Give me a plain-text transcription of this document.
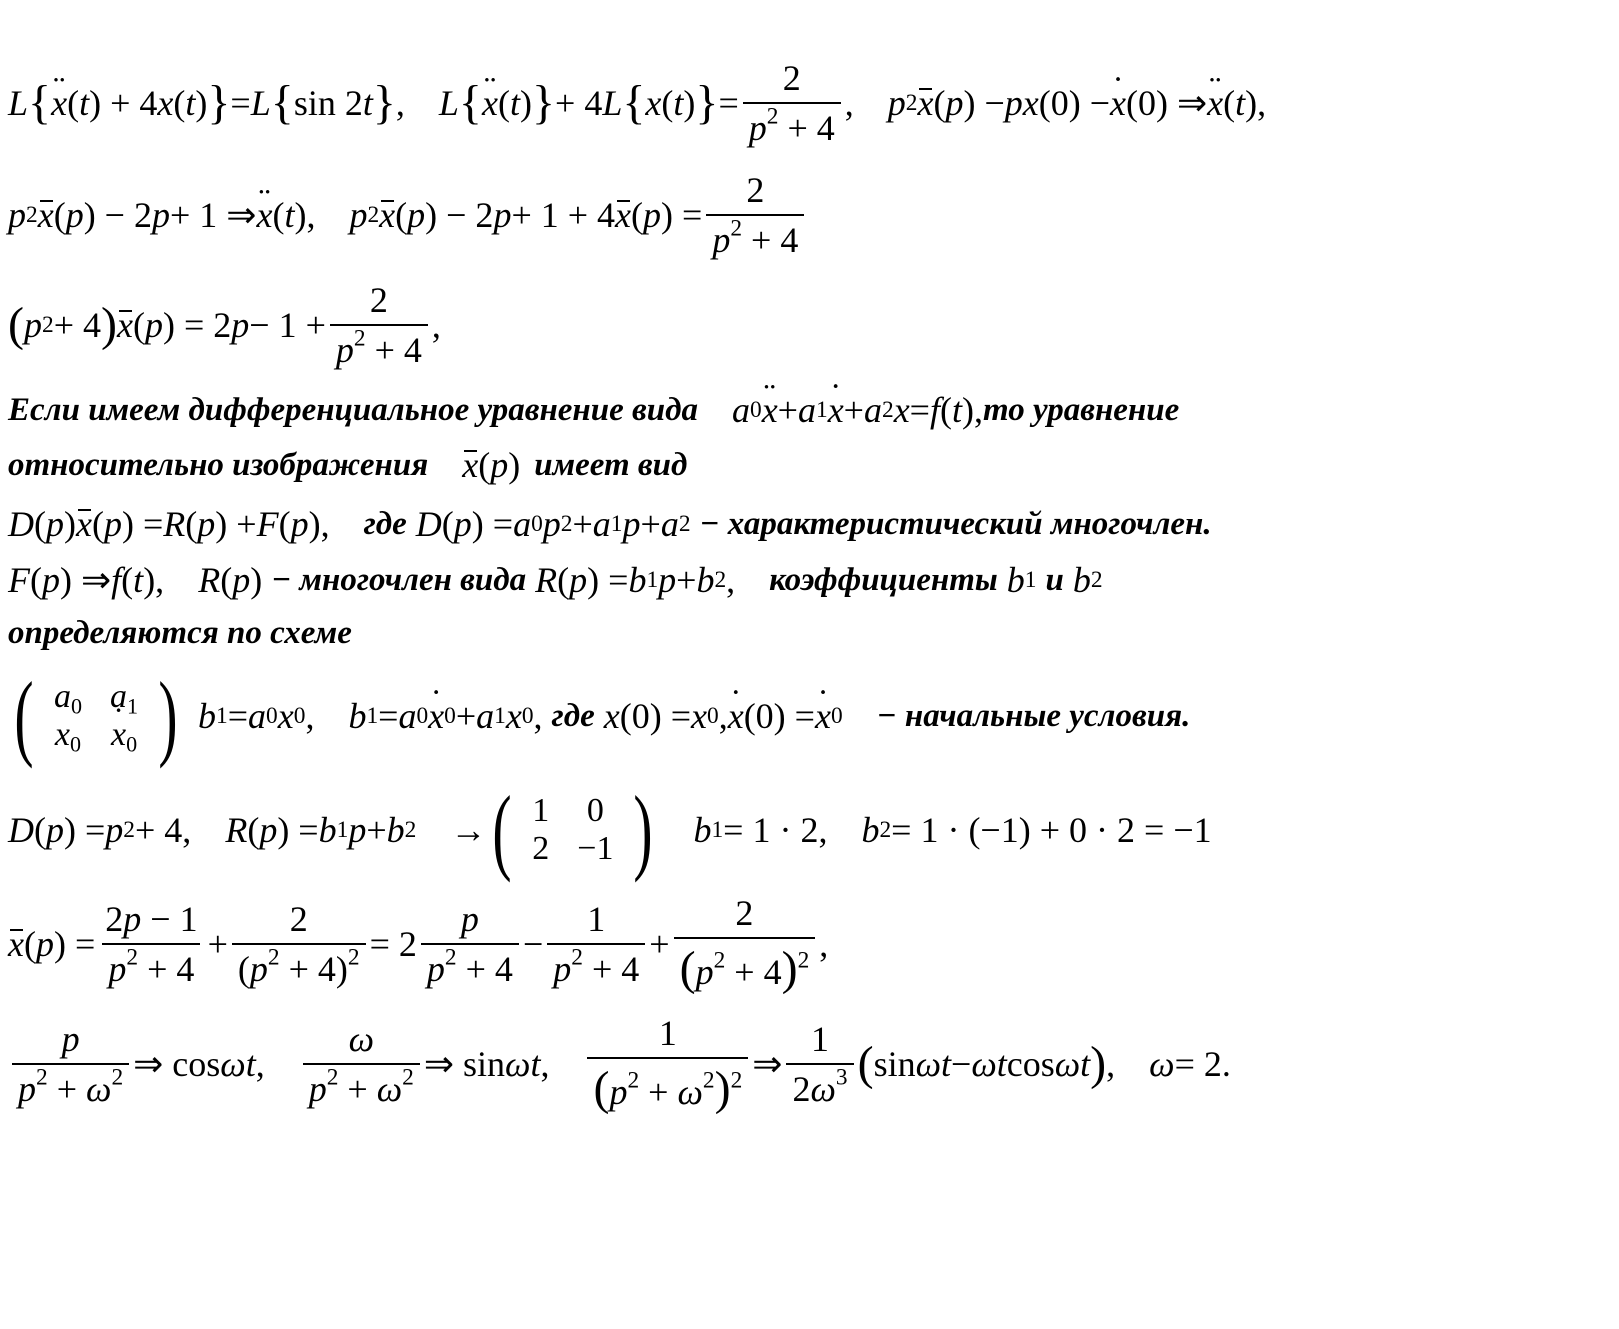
L { ¨ x ( t ) + 4 x ( t ) } = L { sin 2 t } , L { ¨ x ( t ) } + 4 L { x ( t ) } = $\frac{2}{p^2 + 4}$ , p 2 x ( p ) − p x (0) − ˙ x (0) ⇒ ¨ x ( t ),
p 2 x ( p ) − 2 p + 1 ⇒ ¨ x ( t ), p 2 x ( p ) − 2 p + 1 + 4 x ( p ) = $\frac{2}{p^2 + 4}$
( p 2 + 4 ) x ( p ) = 2 $p - 1 + \frac{2}{p^2 + 4}$ ,
Если имеем дифференциальное уравнение вида a 0 ¨ x + a 1 ˙ x + a 2 x = f ( t ), то уравнение
относительно изображения x ( p ) имеет вид
D ( p ) x ( p ) = R ( p ) + F ( p ), где
D ( p ) = a 0 p 2 + a 1 p + a 2
− характеристический многочлен.
F ( p ) ⇒ f ( t ), R ( p ) − многочлен вида
R ( p ) = b 1 p + b 2 , коэффициенты
b 1
и
b 2
определяются по схеме
( $a_0$	$a_1$
$x_0$	˙ $x_0$ ) b 1 = a 0 x 0 , b 1 = a 0 ˙ x 0 + a 1 x 0 , где
x (0) = x 0 , ˙ x (0) = ˙ x 0 − начальные условия.
D ( p ) = p 2 + 4, R ( p ) = b 1 p + b 2 → ( 1	0
2	−1 ) b 1 = 1 · 2, b 2 = 1 · (−1) + 0 · 2 = −1
x ( p ) = $\frac{2p - 1}{p^2 + 4} + \frac{2}{(p^2 + 4)^2} = 2 \frac{p}{p^2 + 4} - \frac{1}{p^2 + 4} + \frac{2}{(p^2 + 4)^2}$ ,
$\frac{p}{p^2 + \omega^2}$ ⇒ cos ωt , $\frac{\omega}{p^2 + \omega^2}$ ⇒ sin ωt , $\frac{1}{(p^2 + \omega^2)^2}$ ⇒ $\frac{1}{2\omega^3}$ ( sin ωt − ωt cos ωt ) , ω = 2.
